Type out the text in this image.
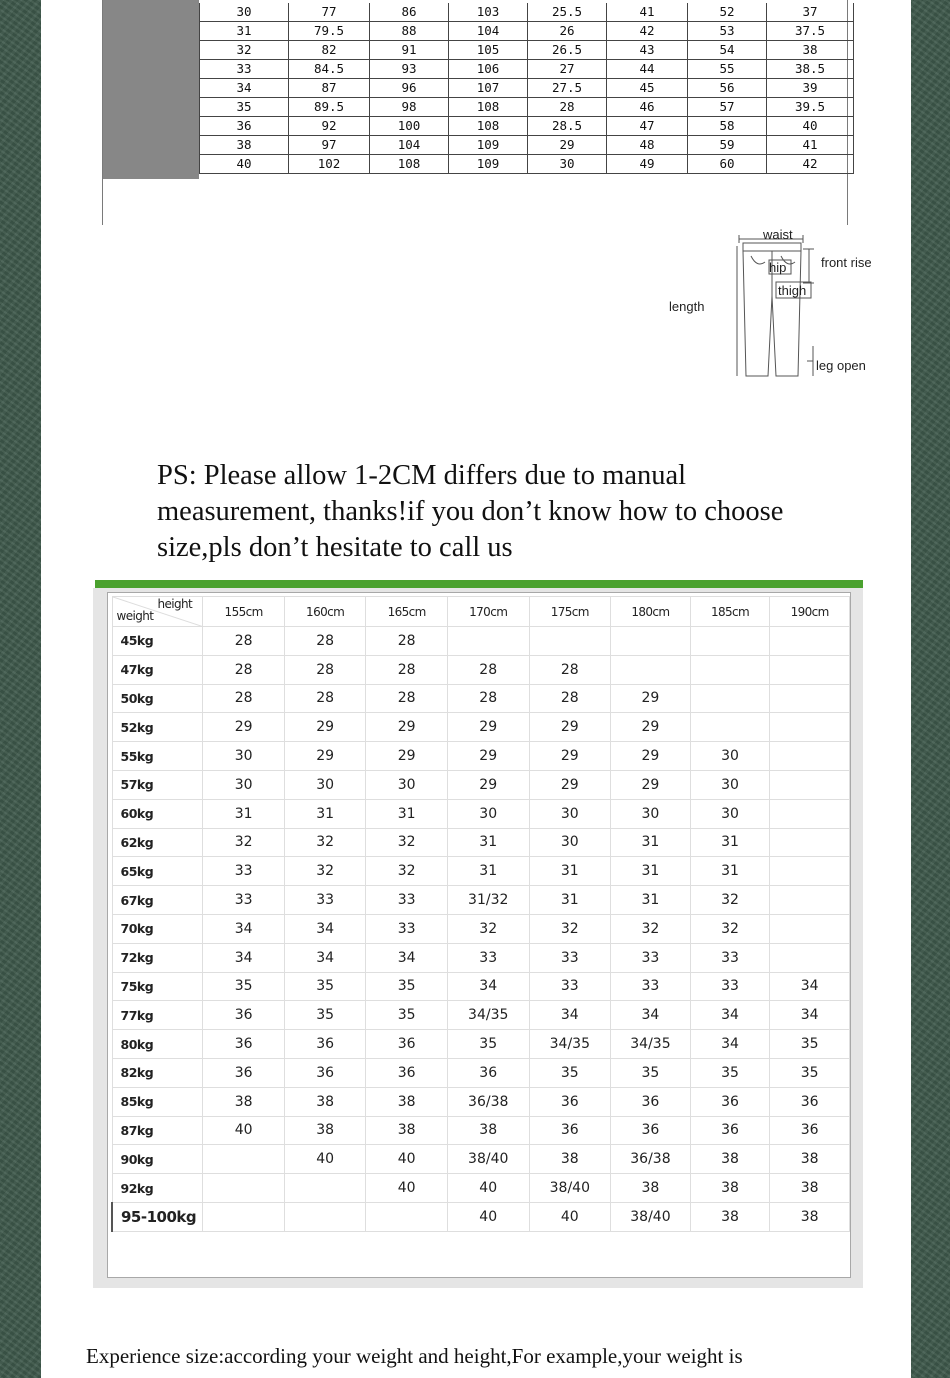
30	77	86	103	25.5	41	52	37
31	79.5	88	104	26	42	53	37.5
32	82	91	105	26.5	43	54	38
33	84.5	93	106	27	44	55	38.5
34	87	96	107	27.5	45	56	39
35	89.5	98	108	28	46	57	39.5
36	92	100	108	28.5	47	58	40
38	97	104	109	29	48	59	41
40	102	108	109	30	49	60	42
waist
hip	front rise
thigh
length
leg open
PS: Please allow 1-2CM differs due to manual measurement, thanks!if you don’t know how to choose size,pls don’t hesitate to call us
height
weight	155cm	160cm	165cm	170cm	175cm	180cm	185cm	190cm
45kg	28	28	28					
47kg	28	28	28	28	28			
50kg	28	28	28	28	28	29		
52kg	29	29	29	29	29	29		
55kg	30	29	29	29	29	29	30	
57kg	30	30	30	29	29	29	30	
60kg	31	31	31	30	30	30	30	
62kg	32	32	32	31	30	31	31	
65kg	33	32	32	31	31	31	31	
67kg	33	33	33	31/32	31	31	32	
70kg	34	34	33	32	32	32	32	
72kg	34	34	34	33	33	33	33	
75kg	35	35	35	34	33	33	33	34
77kg	36	35	35	34/35	34	34	34	34
80kg	36	36	36	35	34/35	34/35	34	35
82kg	36	36	36	36	35	35	35	35
85kg	38	38	38	36/38	36	36	36	36
87kg	40	38	38	38	36	36	36	36
90kg		40	40	38/40	38	36/38	38	38
92kg			40	40	38/40	38	38	38
95-100kg				40	40	38/40	38	38
Experience size:according your weight and height,For example,your weight is
